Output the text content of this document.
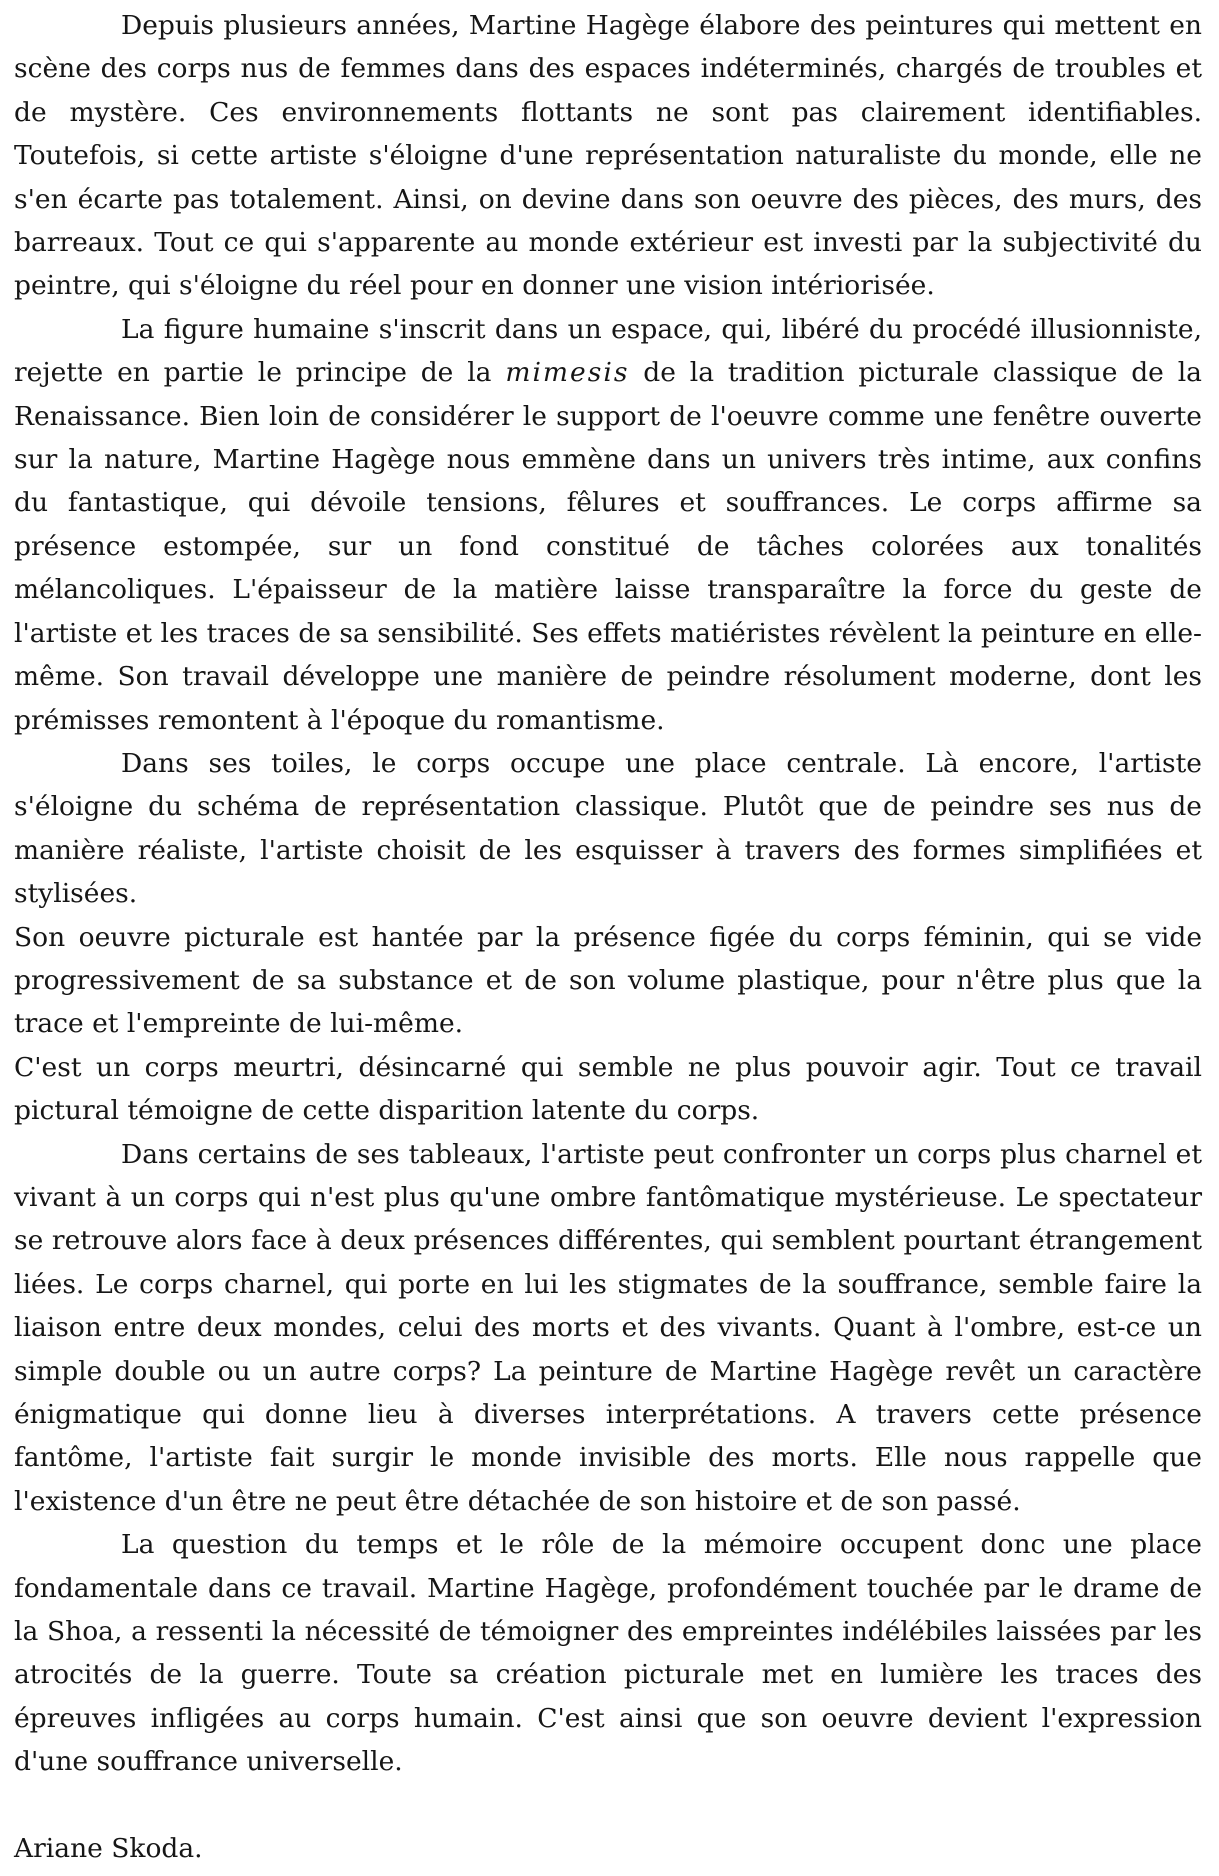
Depuis plusieurs années, Martine Hagège élabore des peintures qui mettent en scène des corps nus de femmes dans des espaces indéterminés, chargés de troubles et de mystère. Ces environnements flottants ne sont pas clairement identifiables. Toutefois, si cette artiste s'éloigne d'une représentation naturaliste du monde, elle ne s'en écarte pas totalement. Ainsi, on devine dans son oeuvre des pièces, des murs, des barreaux. Tout ce qui s'apparente au monde extérieur est investi par la subjectivité du peintre, qui s'éloigne du réel pour en donner une vision intériorisée.

La figure humaine s'inscrit dans un espace, qui, libéré du procédé illusionniste, rejette en partie le principe de la mimesis de la tradition picturale classique de la Renaissance. Bien loin de considérer le support de l'oeuvre comme une fenêtre ouverte sur la nature, Martine Hagège nous emmène dans un univers très intime, aux confins du fantastique, qui dévoile tensions, fêlures et souffrances. Le corps affirme sa présence estompée, sur un fond constitué de tâches colorées aux tonalités mélancoliques. L'épaisseur de la matière laisse transparaître la force du geste de l'artiste et les traces de sa sensibilité. Ses effets matiéristes révèlent la peinture en elle-même. Son travail développe une manière de peindre résolument moderne, dont les prémisses remontent à l'époque du romantisme.

Dans ses toiles, le corps occupe une place centrale. Là encore, l'artiste s'éloigne du schéma de représentation classique. Plutôt que de peindre ses nus de manière réaliste, l'artiste choisit de les esquisser à travers des formes simplifiées et stylisées.

Son oeuvre picturale est hantée par la présence figée du corps féminin, qui se vide progressivement de sa substance et de son volume plastique, pour n'être plus que la trace et l'empreinte de lui-même.

C'est un corps meurtri, désincarné qui semble ne plus pouvoir agir. Tout ce travail pictural témoigne de cette disparition latente du corps.

Dans certains de ses tableaux, l'artiste peut confronter un corps plus charnel et vivant à un corps qui n'est plus qu'une ombre fantômatique mystérieuse. Le spectateur se retrouve alors face à deux présences différentes, qui semblent pourtant étrangement liées. Le corps charnel, qui porte en lui les stigmates de la souffrance, semble faire la liaison entre deux mondes, celui des morts et des vivants. Quant à l'ombre, est-ce un simple double ou un autre corps? La peinture de Martine Hagège revêt un caractère énigmatique qui donne lieu à diverses interprétations. A travers cette présence fantôme, l'artiste fait surgir le monde invisible des morts. Elle nous rappelle que l'existence d'un être ne peut être détachée de son histoire et de son passé.

La question du temps et le rôle de la mémoire occupent donc une place fondamentale dans ce travail. Martine Hagège, profondément touchée par le drame de la Shoa, a ressenti la nécessité de témoigner des empreintes indélébiles laissées par les atrocités de la guerre. Toute sa création picturale met en lumière les traces des épreuves infligées au corps humain. C'est ainsi que son oeuvre devient l'expression d'une souffrance universelle.

Ariane Skoda.
